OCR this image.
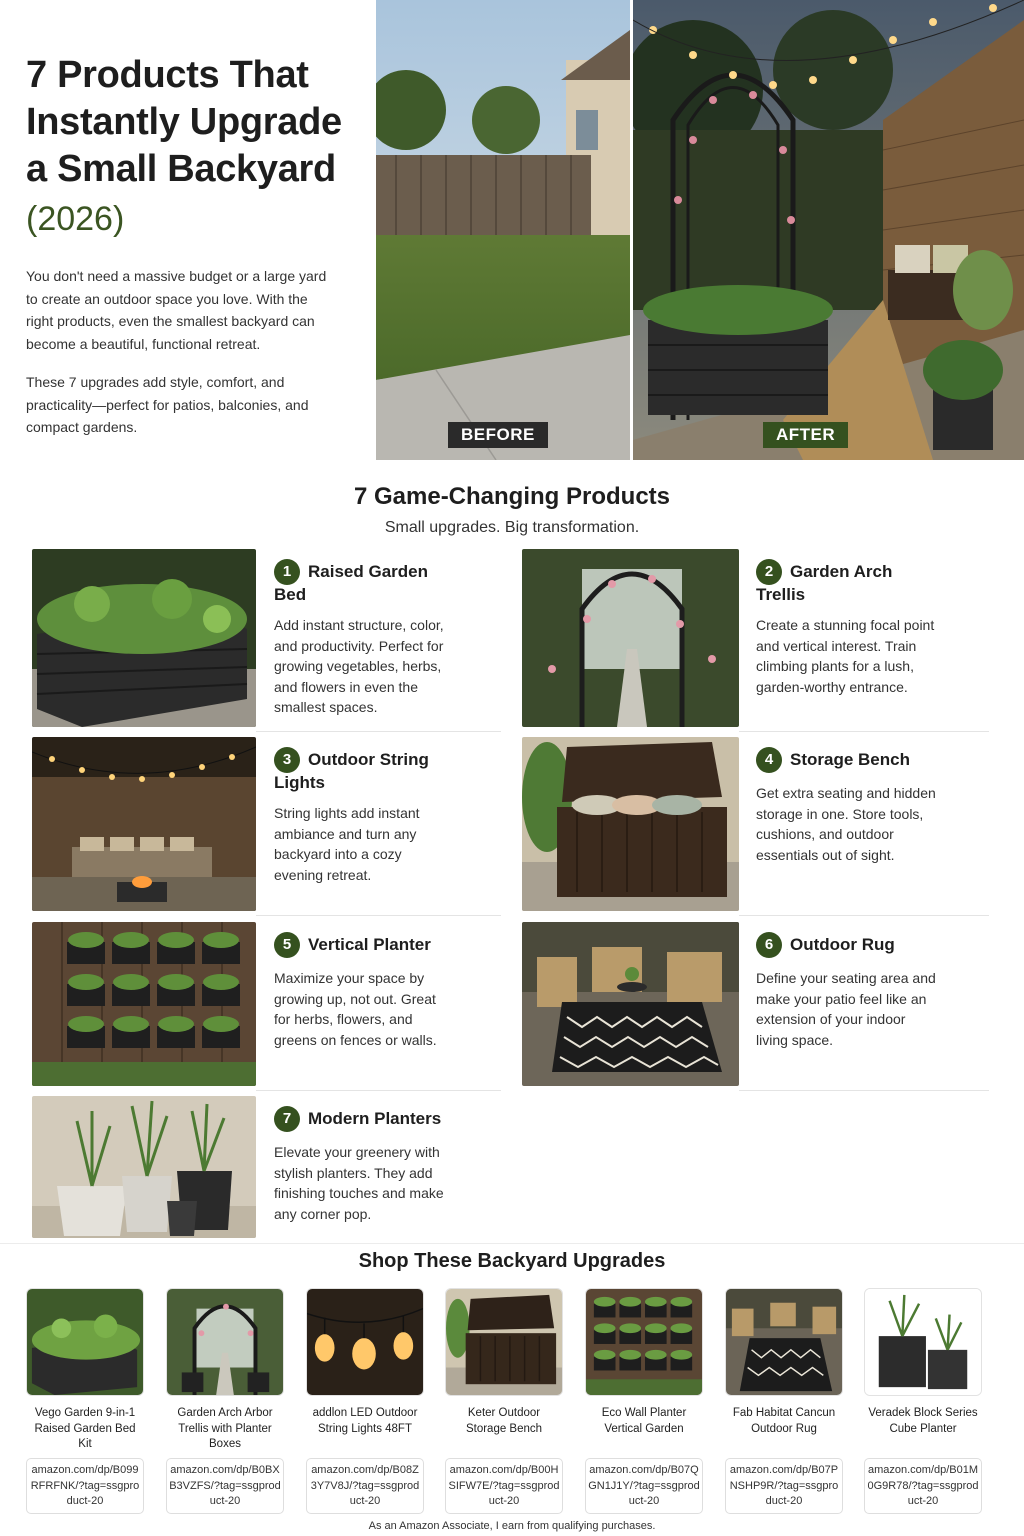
7 Products That Instantly Upgrade a Small Backyard
(2026)

You don't need a massive budget or a large yard to create an outdoor space you love. With the right products, even the smallest backyard can become a beautiful, functional retreat.

These 7 upgrades add style, comfort, and practicality—perfect for patios, balconies, and compact gardens.	BEFORE	AFTER
7 Game-Changing Products
Small upgrades. Big transformation.
1 Raised Garden Bed

Add instant structure, color, and productivity. Perfect for growing vegetables, herbs, and flowers in even the smallest spaces.

2 Garden Arch Trellis

Create a stunning focal point and vertical interest. Train climbing plants for a lush, garden-worthy entrance.

3 Outdoor String Lights

String lights add instant ambiance and turn any backyard into a cozy evening retreat.

4 Storage Bench

Get extra seating and hidden storage in one. Store tools, cushions, and outdoor essentials out of sight.

5 Vertical Planter

Maximize your space by growing up, not out. Great for herbs, flowers, and greens on fences or walls.

6 Outdoor Rug

Define your seating area and make your patio feel like an extension of your indoor living space.

7 Modern Planters

Elevate your greenery with stylish planters. They add finishing touches and make any corner pop.

Shop These Backyard Upgrades
Vego Garden 9-in-1 Raised Garden Bed Kit
amazon.com/dp/B099RFRFNK/?tag=ssgproduct-20
Garden Arch Arbor Trellis with Planter Boxes
amazon.com/dp/B0BXB3VZFS/?tag=ssgproduct-20
addlon LED Outdoor String Lights 48FT
amazon.com/dp/B08Z3Y7V8J/?tag=ssgproduct-20
Keter Outdoor Storage Bench
amazon.com/dp/B00HSIFW7E/?tag=ssgproduct-20
Eco Wall Planter Vertical Garden
amazon.com/dp/B07QGN1J1Y/?tag=ssgproduct-20
Fab Habitat Cancun Outdoor Rug
amazon.com/dp/B07PNSHP9R/?tag=ssgproduct-20
Veradek Block Series Cube Planter
amazon.com/dp/B01M0G9R78/?tag=ssgproduct-20
As an Amazon Associate, I earn from qualifying purchases.
